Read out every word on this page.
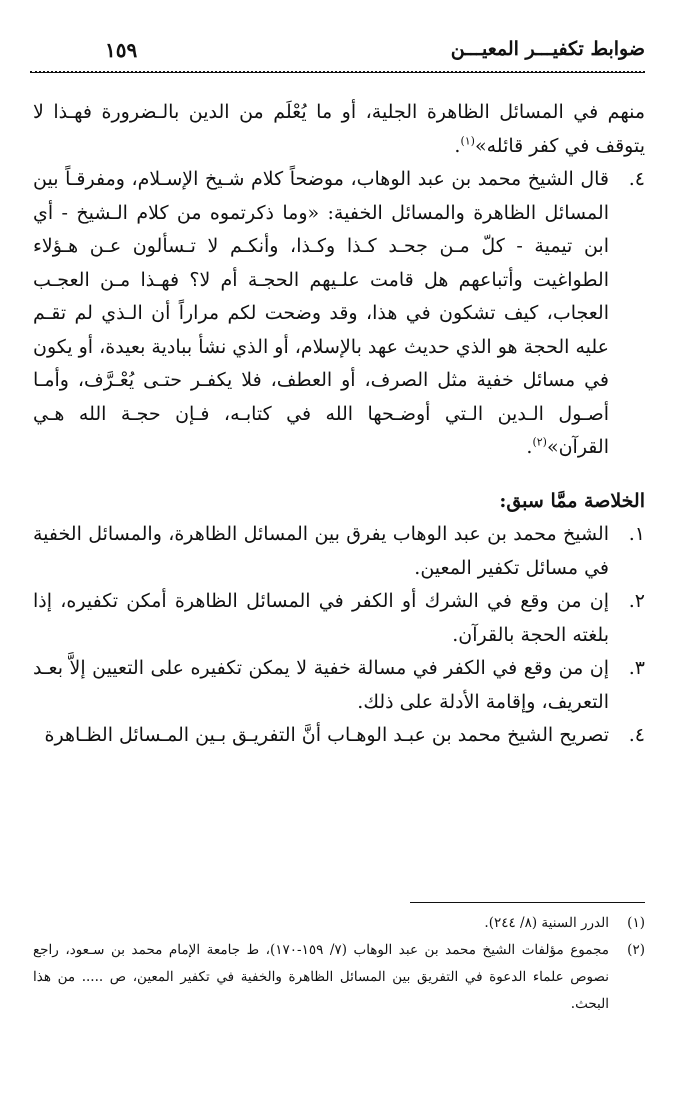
ضوابط تكفيـــر المعيـــن
١٥٩

منهم في المسائل الظاهرة الجلية، أو ما يُعْلَم من الدين بالـضرورة فهـذا لا يتوقف في كفر قائله»$^{(١)}$.

٤.
قال الشيخ محمد بن عبد الوهاب، موضحاً كلام شـيخ الإسـلام، ومفرقـاً بين المسائل الظاهرة والمسائل الخفية: «وما ذكرتموه من كلام الـشيخ - أي ابن تيمية - كلّ مـن جحـد كـذا وكـذا، وأنكـم لا تـسألون عـن هـؤلاء الطواغيت وأتباعهم هل قامت علـيهم الحجـة أم لا؟ فهـذا مـن العجـب العجاب، كيف تشكون في هذا، وقد وضحت لكم مراراً أن الـذي لم تقـم عليه الحجة هو الذي حديث عهد بالإسلام، أو الذي نشأ ببادية بعيدة، أو يكون في مسائل خفية مثل الصرف، أو العطف، فلا يكفـر حتـى يُعْـرَّف، وأمـا أصـول الـدين الـتي أوضـحها الله في كتابـه، فـإن حجـة الله هـي القرآن»$^{(٢)}$.

الخلاصة ممَّا سبق:

١.
الشيخ محمد بن عبد الوهاب يفرق بين المسائل الظاهرة، والمسائل الخفية في مسائل تكفير المعين.

٢.
إن من وقع في الشرك أو الكفر في المسائل الظاهرة أمكن تكفيره، إذا بلغته الحجة بالقرآن.

٣.
إن من وقع في الكفر في مسالة خفية لا يمكن تكفيره على التعيين إلاَّ بعـد التعريف، وإقامة الأدلة على ذلك.

٤.
تصريح الشيخ محمد بن عبـد الوهـاب أنَّ التفريـق بـين المـسائل الظـاهرة

(١)
الدرر السنية (٨/ ٢٤٤).
(٢)
مجموع مؤلفات الشيخ محمد بن عبد الوهاب (٧/ ١٥٩-١٧٠)، ط جامعة الإمام محمد بن سـعود، راجع نصوص علماء الدعوة في التفريق بين المسائل الظاهرة والخفية في تكفير المعين، ص ..... من هذا البحث.
